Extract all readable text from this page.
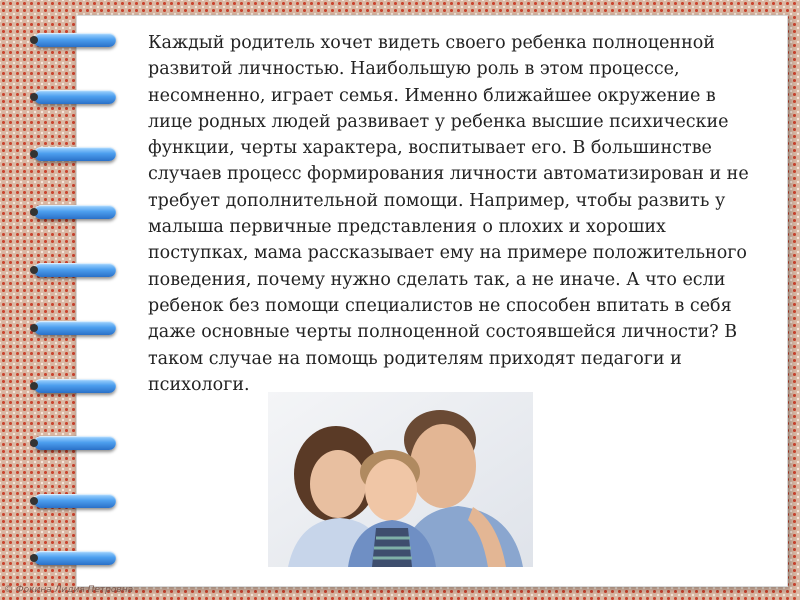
Каждый родитель хочет видеть своего ребенка полноценной развитой личностью. Наибольшую роль в этом процессе, несомненно, играет семья. Именно ближайшее окружение в лице родных людей развивает у ребенка высшие психические функции, черты характера, воспитывает его. В большинстве случаев процесс формирования личности автоматизирован и не требует дополнительной помощи. Например, чтобы развить у малыша первичные представления о плохих и хороших поступках, мама рассказывает ему на примере положительного поведения, почему нужно сделать так, а не иначе. А что если ребенок без помощи специалистов не способен впитать в себя даже основные черты полноценной состоявшейся личности? В таком случае на помощь родителям приходят педагоги и психологи.

© Фокина Лидия Петровна
